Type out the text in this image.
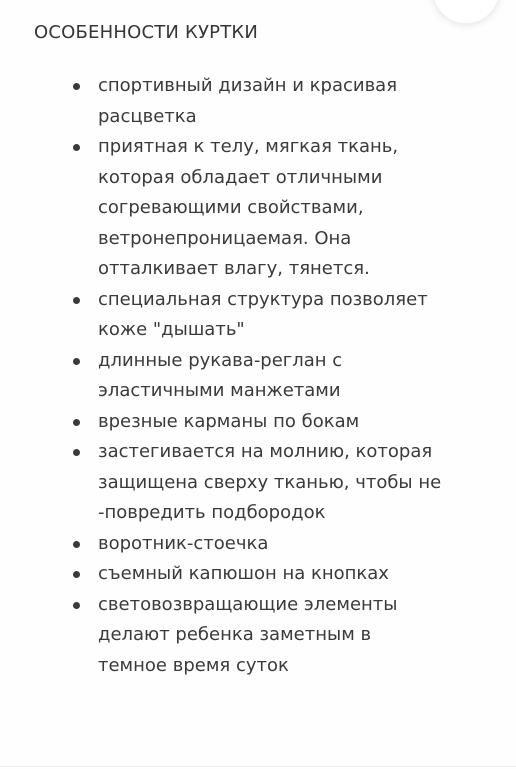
ОСОБЕННОСТИ КУРТКИ
спортивный дизайн и красивая
расцветка
приятная к телу, мягкая ткань,
которая обладает отличными
согревающими свойствами,
ветронепроницаемая. Она
отталкивает влагу, тянется.
специальная структура позволяет
коже "дышать"
длинные рукава-реглан с
эластичными манжетами
врезные карманы по бокам
застегивается на молнию, которая
защищена сверху тканью, чтобы не
-повредить подбородок
воротник-стоечка
съемный капюшон на кнопках
световозвращающие элементы
делают ребенка заметным в
темное время суток
